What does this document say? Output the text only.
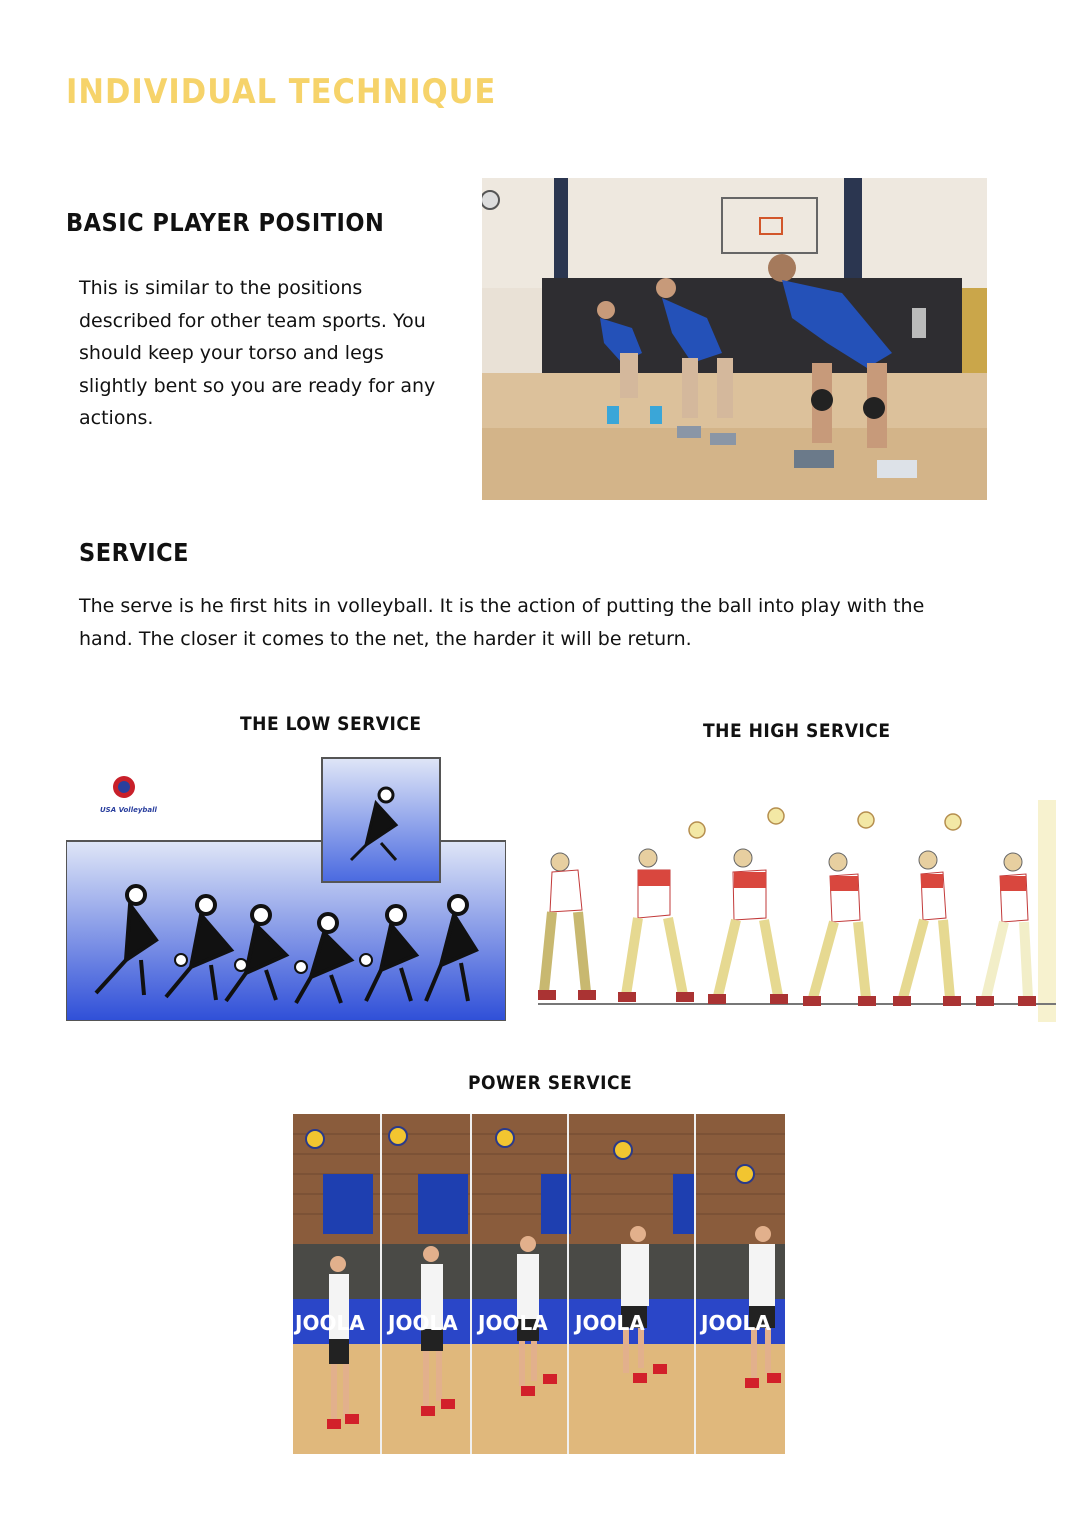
INDIVIDUAL TECHNIQUE
BASIC PLAYER POSITION

This is similar to the positions described for other team sports. You should keep your torso and legs slightly bent so you are ready for any actions.

SERVICE

The serve is he first hits in volleyball. It is the action of putting the ball into play with the hand. The closer it comes to the net, the harder it will be return.

THE LOW SERVICE	THE HIGH SERVICE
POWER SERVICE
JOOLA JOOLA JOOLA JOOLA	JOOLA
USA Volleyball
